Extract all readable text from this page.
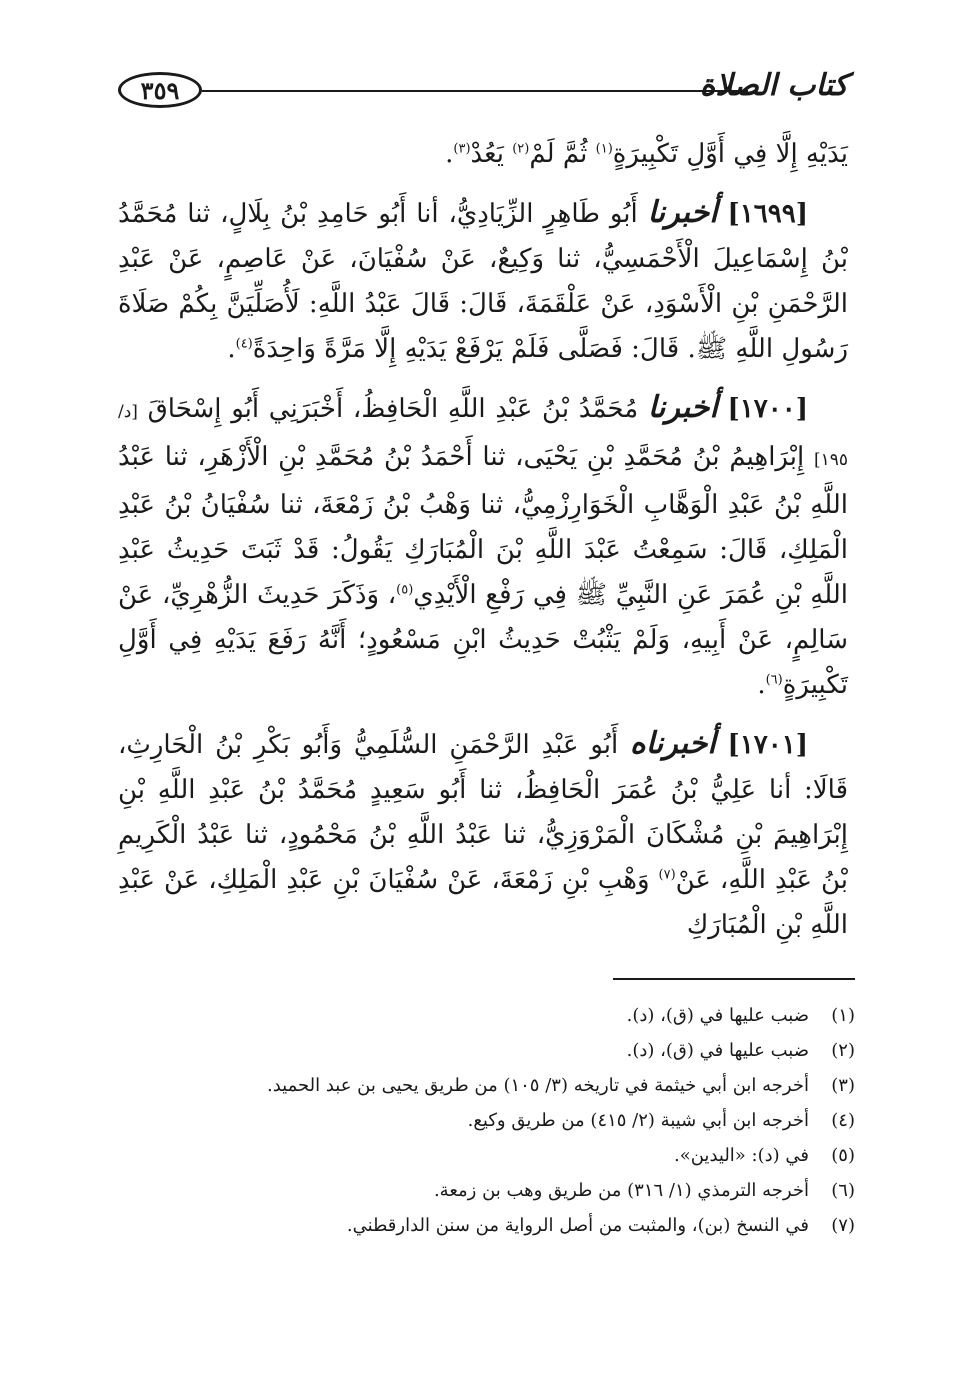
٣٥٩	كتاب الصلاة

يَدَيْهِ إِلَّا فِي أَوَّلِ تَكْبِيرَةٍ$^{(١)}$ ثُمَّ لَمْ$^{(٢)}$ يَعُدْ$^{(٣)}$.

[١٦٩٩] أخبرنا أَبُو طَاهِرٍ الزِّيَادِيُّ، أنا أَبُو حَامِدِ بْنُ بِلَالٍ، ثنا مُحَمَّدُ بْنُ إِسْمَاعِيلَ الْأَحْمَسِيُّ، ثنا وَكِيعٌ، عَنْ سُفْيَانَ، عَنْ عَاصِمٍ، عَنْ عَبْدِ الرَّحْمَنِ بْنِ الْأَسْوَدِ، عَنْ عَلْقَمَةَ، قَالَ: قَالَ عَبْدُ اللَّهِ: لَأُصَلِّيَنَّ بِكُمْ صَلَاةَ رَسُولِ اللَّهِ ﷺ. قَالَ: فَصَلَّى فَلَمْ يَرْفَعْ يَدَيْهِ إِلَّا مَرَّةً وَاحِدَةً$^{(٤)}$.

[١٧٠٠] أخبرنا مُحَمَّدُ بْنُ عَبْدِ اللَّهِ الْحَافِظُ، أَخْبَرَنِي أَبُو إِسْحَاقَ [د/ ١٩٥] إِبْرَاهِيمُ بْنُ مُحَمَّدِ بْنِ يَحْيَى، ثنا أَحْمَدُ بْنُ مُحَمَّدِ بْنِ الْأَزْهَرِ، ثنا عَبْدُ اللَّهِ بْنُ عَبْدِ الْوَهَّابِ الْخَوَارِزْمِيُّ، ثنا وَهْبُ بْنُ زَمْعَةَ، ثنا سُفْيَانُ بْنُ عَبْدِ الْمَلِكِ، قَالَ: سَمِعْتُ عَبْدَ اللَّهِ بْنَ الْمُبَارَكِ يَقُولُ: قَدْ ثَبَتَ حَدِيثُ عَبْدِ اللَّهِ بْنِ عُمَرَ عَنِ النَّبِيِّ ﷺ فِي رَفْعِ الْأَيْدِي$^{(٥)}$، وَذَكَرَ حَدِيثَ الزُّهْرِيِّ، عَنْ سَالِمٍ، عَنْ أَبِيهِ، وَلَمْ يَثْبُتْ حَدِيثُ ابْنِ مَسْعُودٍ؛ أَنَّهُ رَفَعَ يَدَيْهِ فِي أَوَّلِ تَكْبِيرَةٍ$^{(٦)}$.

[١٧٠١] أخبرناه أَبُو عَبْدِ الرَّحْمَنِ السُّلَمِيُّ وَأَبُو بَكْرِ بْنُ الْحَارِثِ، قَالَا: أنا عَلِيُّ بْنُ عُمَرَ الْحَافِظُ، ثنا أَبُو سَعِيدٍ مُحَمَّدُ بْنُ عَبْدِ اللَّهِ بْنِ إِبْرَاهِيمَ بْنِ مُشْكَانَ الْمَرْوَزِيُّ، ثنا عَبْدُ اللَّهِ بْنُ مَحْمُودٍ، ثنا عَبْدُ الْكَرِيمِ بْنُ عَبْدِ اللَّهِ، عَنْ$^{(٧)}$ وَهْبِ بْنِ زَمْعَةَ، عَنْ سُفْيَانَ بْنِ عَبْدِ الْمَلِكِ، عَنْ عَبْدِ اللَّهِ بْنِ الْمُبَارَكِ

(١)
ضبب عليها في (ق)، (د).
(٢)
ضبب عليها في (ق)، (د).
(٣)
أخرجه ابن أبي خيثمة في تاريخه (٣/ ١٠٥) من طريق يحيى بن عبد الحميد.
(٤)
أخرجه ابن أبي شيبة (٢/ ٤١٥) من طريق وكيع.
(٥)
في (د): «اليدين».
(٦)
أخرجه الترمذي (١/ ٣١٦) من طريق وهب بن زمعة.
(٧)
في النسخ (بن)، والمثبت من أصل الرواية من سنن الدارقطني.
